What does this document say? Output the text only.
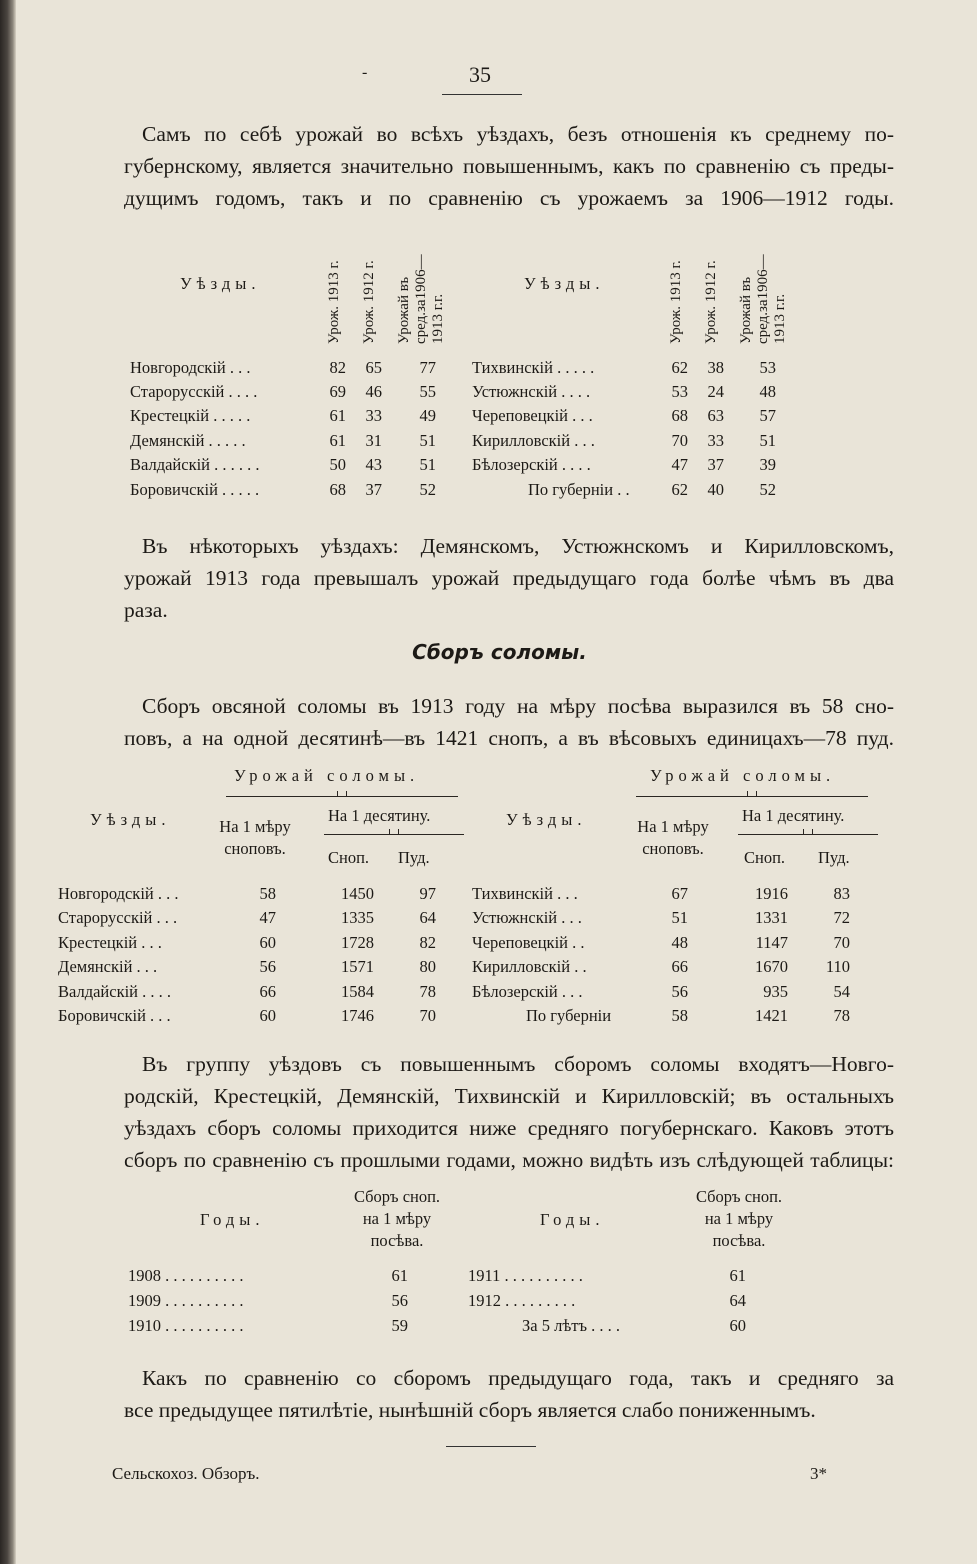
-	35
Самъ по себѣ урожай во всѣхъ уѣздахъ, безъ отношенія къ среднему по-
губернскому, является значительно повышеннымъ, какъ по сравненію съ преды-
дущимъ годомъ, такъ и по сравненію съ урожаемъ за 1906—1912 годы.
Уѣзды.	Урож. 1913 г. Урож. 1912 г. Урожай въ
сред.за1906—
1913 г.г.
Уѣзды.	Урож. 1913 г. Урож. 1912 г. Урожай въ
сред.за1906—
1913 г.г.
Новгородскій . . .	82	65	77
Старорусскій . . . .	69	46	55
Крестецкій . . . . .	61	33	49
Демянскій . . . . .	61	31	51
Валдайскій . . . . . .	50	43	51
Боровичскій . . . . .	68	37	52
Тихвинскій . . . . .	62	38	53
Устюжнскій . . . .	53	24	48
Череповецкій . . .	68	63	57
Кирилловскій . . .	70	33	51
Бѣлозерскій . . . .	47	37	39
По губерніи . .	62	40	52
Въ нѣкоторыхъ уѣздахъ: Демянскомъ, Устюжнскомъ и Кирилловскомъ,
урожай 1913 года превышалъ урожай предыдущаго года болѣе чѣмъ въ два
раза.
Сборъ соломы.
Сборъ овсяной соломы въ 1913 году на мѣру посѣва выразился въ 58 сно-
повъ, а на одной десятинѣ—въ 1421 снопъ, а въ вѣсовыхъ единицахъ—78 пуд.
Урожай соломы.
Уѣзды.	На 1 мѣру
сноповъ.
На 1 десятину.
Сноп. Пуд.
Урожай соломы.
Уѣзды.	На 1 мѣру
сноповъ.
На 1 десятину.
Сноп. Пуд.
Новгородскій . . .	58	1450	97
Старорусскій . . .	47	1335	64
Крестецкій . . .	60	1728	82
Демянскій . . .	56	1571	80
Валдайскій . . . .	66	1584	78
Боровичскій . . .	60	1746	70
Тихвинскій . . .	67	1916	83
Устюжнскій . . .	51	1331	72
Череповецкій . .	48	1147	70
Кирилловскій . .	66	1670	110
Бѣлозерскій . . .	56	935	54
По губерніи	58	1421	78
Въ группу уѣздовъ съ повышеннымъ сборомъ соломы входятъ—Новго-
родскій, Крестецкій, Демянскій, Тихвинскій и Кирилловскій; въ остальныхъ
уѣздахъ сборъ соломы приходится ниже средняго погубернскаго. Каковъ этотъ
сборъ по сравненію съ прошлыми годами, можно видѣть изъ слѣдующей таблицы:
Годы.
Сборъ сноп.
на 1 мѣру
посѣва.
Годы.
Сборъ сноп.
на 1 мѣру
посѣва.
1908 . . . . . . . . . .	61
1909 . . . . . . . . . .	56
1910 . . . . . . . . . .	59
1911 . . . . . . . . . .	61
1912 . . . . . . . . .	64
За 5 лѣтъ . . . .	60
Какъ по сравненію со сборомъ предыдущаго года, такъ и средняго за
все предыдущее пятилѣтіе, нынѣшній сборъ является слабо пониженнымъ.
Сельскохоз. Обзоръ.	3*
